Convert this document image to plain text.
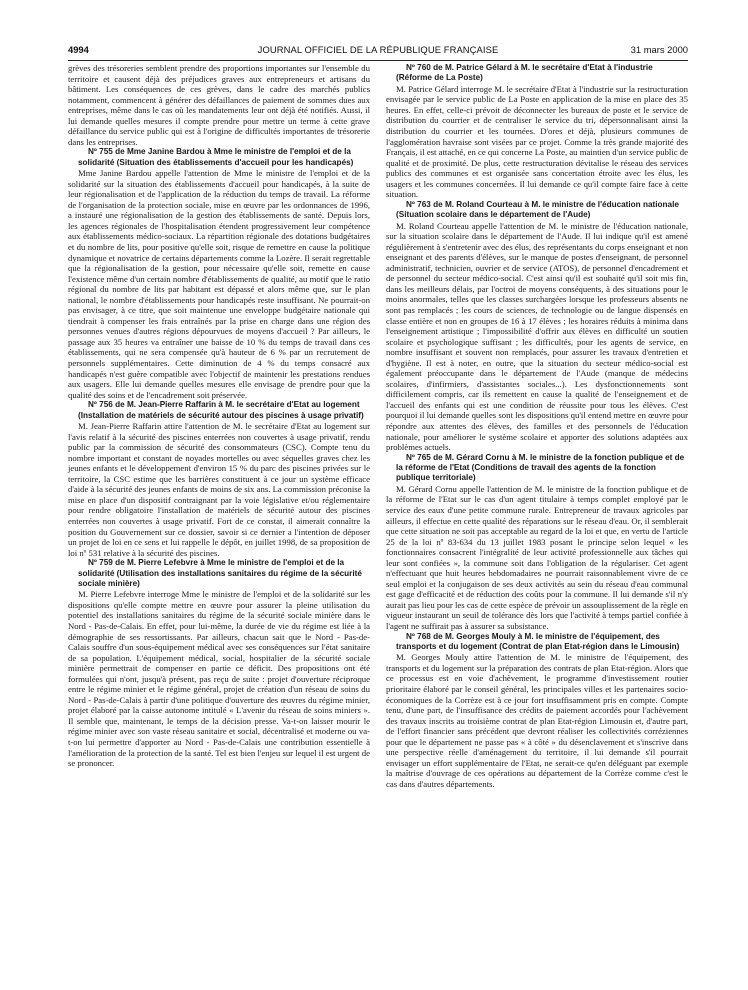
4994	JOURNAL OFFICIEL DE LA RÉPUBLIQUE FRANÇAISE	31 mars 2000

grèves des trésoreries semblent prendre des proportions importantes sur l'ensemble du territoire et causent déjà des préjudices graves aux entrepreneurs et artisans du bâtiment. Les conséquences de ces grèves, dans le cadre des marchés publics notamment, commencent à générer des défaillances de paiement de sommes dues aux entreprises, même dans le cas où les mandatements leur ont déjà été notifiés. Aussi, il lui demande quelles mesures il compte prendre pour mettre un terme à cette grave défaillance du service public qui est à l'origine de difficultés importantes de trésorerie dans les entreprises.

Nº 755 de Mme Janine Bardou à Mme le ministre de l'emploi et de la solidarité (Situation des établissements d'accueil pour les handicapés)

Mme Janine Bardou appelle l'attention de Mme le ministre de l'emploi et de la solidarité sur la situation des établissements d'accueil pour handicapés, à la suite de leur régionalisation et de l'application de la réduction du temps de travail. La réforme de l'organisation de la protection sociale, mise en œuvre par les ordonnances de 1996, a instauré une régionalisation de la gestion des établissements de santé. Depuis lors, les agences régionales de l'hospitalisation étendent progressivement leur compétence aux établissements médico-sociaux. La répartition régionale des dotations budgétaires et du nombre de lits, pour positive qu'elle soit, risque de remettre en cause la politique dynamique et novatrice de certains départements comme la Lozère. Il serait regrettable que la régionalisation de la gestion, pour nécessaire qu'elle soit, remette en cause l'existence même d'un certain nombre d'établissements de qualité, au motif que le ratio régional du nombre de lits par habitant est dépassé et alors même que, sur le plan national, le nombre d'établissements pour handicapés reste insuffisant. Ne pourrait-on pas envisager, à ce titre, que soit maintenue une enveloppe budgétaire nationale qui tiendrait à compenser les frais entraînés par la prise en charge dans une région des personnes venues d'autres régions dépourvues de moyens d'accueil ? Par ailleurs, le passage aux 35 heures va entraîner une baisse de 10 % du temps de travail dans ces établissements, qui ne sera compensée qu'à hauteur de 6 % par un recrutement de personnels supplémentaires. Cette diminution de 4 % du temps consacré aux handicapés n'est guère compatible avec l'objectif de maintenir les prestations rendues aux usagers. Elle lui demande quelles mesures elle envisage de prendre pour que la qualité des soins et de l'encadrement soit préservée.

Nº 756 de M. Jean-Pierre Raffarin à M. le secrétaire d'Etat au logement (Installation de matériels de sécurité autour des piscines à usage privatif)

M. Jean-Pierre Raffarin attire l'attention de M. le secrétaire d'Etat au logement sur l'avis relatif à la sécurité des piscines enterrées non couvertes à usage privatif, rendu public par la commission de sécurité des consommateurs (CSC). Compte tenu du nombre important et constant de noyades mortelles ou avec séquelles graves chez les jeunes enfants et le développement d'environ 15 % du parc des piscines privées sur le territoire, la CSC estime que les barrières constituent à ce jour un système efficace d'aide à la sécurité des jeunes enfants de moins de six ans. La commission préconise la mise en place d'un dispositif contraignant par la voie législative et/ou réglementaire pour rendre obligatoire l'installation de matériels de sécurité autour des piscines enterrées non couvertes à usage privatif. Fort de ce constat, il aimerait connaître la position du Gouvernement sur ce dossier, savoir si ce dernier a l'intention de déposer un projet de loi en ce sens et lui rappelle le dépôt, en juillet 1998, de sa proposition de loi nº 531 relative à la sécurité des piscines.

Nº 759 de M. Pierre Lefebvre à Mme le ministre de l'emploi et de la solidarité (Utilisation des installations sanitaires du régime de la sécurité sociale minière)

M. Pierre Lefebvre interroge Mme le ministre de l'emploi et de la solidarité sur les dispositions qu'elle compte mettre en œuvre pour assurer la pleine utilisation du potentiel des installations sanitaires du régime de la sécurité sociale minière dans le Nord - Pas-de-Calais. En effet, pour lui-même, la durée de vie du régime est liée à la démographie de ses ressortissants. Par ailleurs, chacun sait que le Nord - Pas-de-Calais souffre d'un sous-équipement médical avec ses conséquences sur l'état sanitaire de sa population. L'équipement médical, social, hospitalier de la sécurité sociale minière permettrait de compenser en partie ce déficit. Des propositions ont été formulées qui n'ont, jusqu'à présent, pas reçu de suite : projet d'ouverture réciproque entre le régime minier et le régime général, projet de création d'un réseau de soins du Nord - Pas-de-Calais à partir d'une politique d'ouverture des œuvres du régime minier, projet élaboré par la caisse autonome intitulé « L'avenir du réseau de soins miniers ». Il semble que, maintenant, le temps de la décision presse. Va-t-on laisser mourir le régime minier avec son vaste réseau sanitaire et social, décentralisé et moderne ou va-t-on lui permettre d'apporter au Nord - Pas-de-Calais une contribution essentielle à l'amélioration de la protection de la santé. Tel est bien l'enjeu sur lequel il est urgent de se prononcer.

Nº 760 de M. Patrice Gélard à M. le secrétaire d'Etat à l'industrie (Réforme de La Poste)

M. Patrice Gélard interroge M. le secrétaire d'Etat à l'industrie sur la restructuration envisagée par le service public de La Poste en application de la mise en place des 35 heures. En effet, celle-ci prévoit de déconnecter les bureaux de poste et le service de distribution du courrier et de centraliser le service du tri, dépersonnalisant ainsi la distribution du courrier et les tournées. D'ores et déjà, plusieurs communes de l'agglomération havraise sont visées par ce projet. Comme la très grande majorité des Français, il est attaché, en ce qui concerne La Poste, au maintien d'un service public de qualité et de proximité. De plus, cette restructuration dévitalise le réseau des services publics des communes et est organisée sans concertation étroite avec les élus, les usagers et les communes concernées. Il lui demande ce qu'il compte faire face à cette situation.

Nº 763 de M. Roland Courteau à M. le ministre de l'éducation nationale (Situation scolaire dans le département de l'Aude)

M. Roland Courteau appelle l'attention de M. le ministre de l'éducation nationale, sur la situation scolaire dans le département de l'Aude. Il lui indique qu'il est amené régulièrement à s'entretenir avec des élus, des représentants du corps enseignant et non enseignant et des parents d'élèves, sur le manque de postes d'enseignant, de personnel administratif, technicien, ouvrier et de service (ATOS), de personnel d'encadrement et de personnel du secteur médico-social. C'est ainsi qu'il est souhaité qu'il soit mis fin, dans les meilleurs délais, par l'octroi de moyens conséquents, à des situations pour le moins anormales, telles que les classes surchargées lorsque les professeurs absents ne sont pas remplacés ; les cours de sciences, de technologie ou de langue dispensés en classe entière et non en groupes de 16 à 17 élèves ; les horaires réduits à minima dans l'enseignement artistique ; l'impossibilité d'offrir aux élèves en difficulté un soutien scolaire et psychologique suffisant ; les difficultés, pour les agents de service, en nombre insuffisant et souvent non remplacés, pour assurer les travaux d'entretien et d'hygiène. Il est à noter, en outre, que la situation du secteur médico-social est également préoccupante dans le département de l'Aude (manque de médecins scolaires, d'infirmiers, d'assistantes sociales...). Les dysfonctionnements sont difficilement compris, car ils remettent en cause la qualité de l'enseignement et de l'accueil des enfants qui est une condition de réussite pour tous les élèves. C'est pourquoi il lui demande quelles sont les dispositions qu'il entend mettre en œuvre pour répondre aux attentes des élèves, des familles et des personnels de l'éducation nationale, pour améliorer le système scolaire et apporter des solutions adaptées aux problèmes actuels.

Nº 765 de M. Gérard Cornu à M. le ministre de la fonction publique et de la réforme de l'Etat (Conditions de travail des agents de la fonction publique territoriale)

M. Gérard Cornu appelle l'attention de M. le ministre de la fonction publique et de la réforme de l'Etat sur le cas d'un agent titulaire à temps complet employé par le service des eaux d'une petite commune rurale. Entrepreneur de travaux agricoles par ailleurs, il effectue en cette qualité des réparations sur le réseau d'eau. Or, il semblerait que cette situation ne soit pas acceptable au regard de la loi et que, en vertu de l'article 25 de la loi nº 83-634 du 13 juillet 1983 posant le principe selon lequel « les fonctionnaires consacrent l'intégralité de leur activité professionnelle aux tâches qui leur sont confiées », la commune soit dans l'obligation de la régulariser. Cet agent n'effectuant que huit heures hebdomadaires ne pourrait raisonnablement vivre de ce seul emploi et la conjugaison de ses deux activités au sein du réseau d'eau communal est gage d'efficacité et de réduction des coûts pour la commune. Il lui demande s'il n'y aurait pas lieu pour les cas de cette espèce de prévoir un assouplissement de la règle en vigueur instaurant un seuil de tolérance dès lors que l'activité à temps partiel confiée à l'agent ne suffirait pas à assurer sa subsistance.

Nº 768 de M. Georges Mouly à M. le ministre de l'équipement, des transports et du logement (Contrat de plan Etat-région dans le Limousin)

M. Georges Mouly attire l'attention de M. le ministre de l'équipement, des transports et du logement sur la préparation des contrats de plan Etat-région. Alors que ce processus est en voie d'achèvement, le programme d'investissement routier prioritaire élaboré par le conseil général, les principales villes et les partenaires socio-économiques de la Corrèze est à ce jour fort insuffisamment pris en compte. Compte tenu, d'une part, de l'insuffisance des crédits de paiement accordés pour l'achèvement des travaux inscrits au troisième contrat de plan Etat-région Limousin et, d'autre part, de l'effort financier sans précédent que devront réaliser les collectivités corréziennes pour que le département ne passe pas « à côté » du désenclavement et s'inscrive dans une perspective réelle d'aménagement du territoire, il lui demande s'il pourrait envisager un effort supplémentaire de l'Etat, ne serait-ce qu'en déléguant par exemple la maîtrise d'ouvrage de ces opérations au département de la Corrèze comme c'est le cas dans d'autres départements.
